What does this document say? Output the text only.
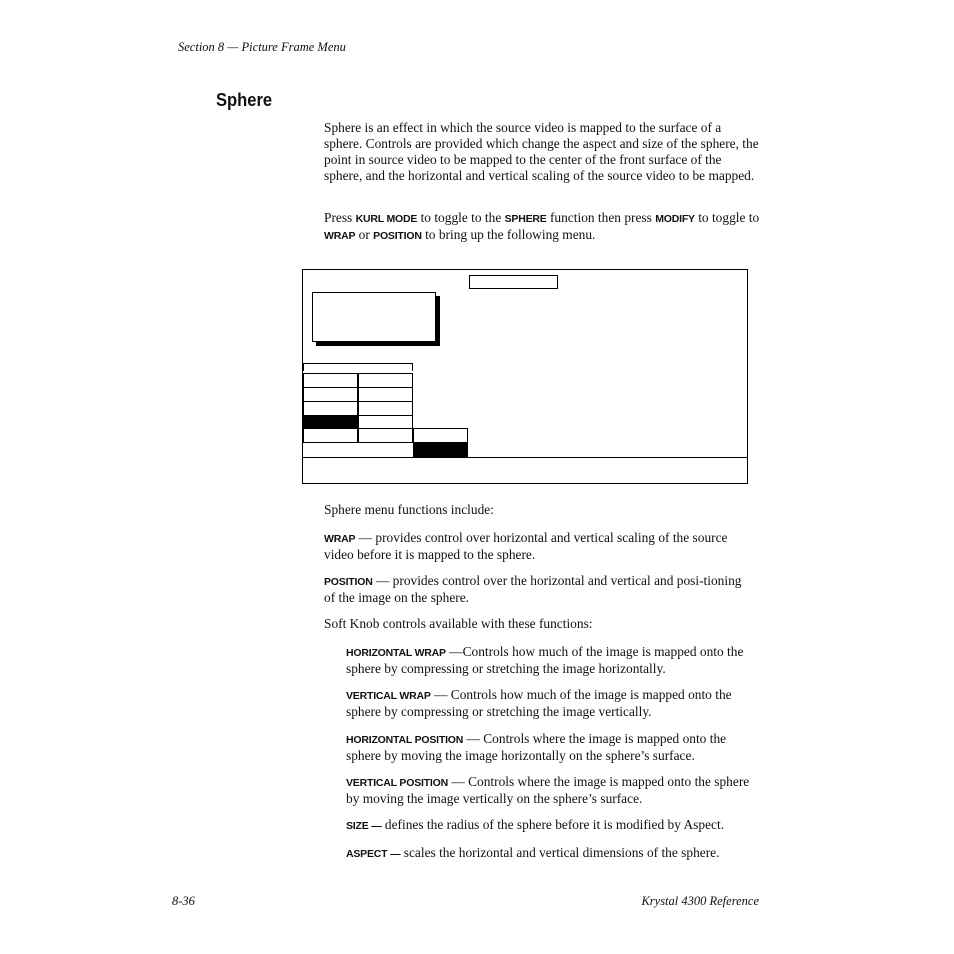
Section 8 — Picture Frame Menu
Sphere
Sphere is an effect in which the source video is mapped to the surface of a sphere. Controls are provided which change the aspect and size of the sphere, the point in source video to be mapped to the center of the front surface of the sphere, and the horizontal and vertical scaling of the source video to be mapped.
Press KURL MODE to toggle to the SPHERE function then press MODIFY to toggle to WRAP or POSITION to bring up the following menu.
Sphere menu functions include:
WRAP — provides control over horizontal and vertical scaling of the source video before it is mapped to the sphere.
POSITION — provides control over the horizontal and vertical and posi-tioning of the image on the sphere.
Soft Knob controls available with these functions:
HORIZONTAL WRAP —Controls how much of the image is mapped onto the sphere by compressing or stretching the image horizontally.
VERTICAL WRAP — Controls how much of the image is mapped onto the sphere by compressing or stretching the image vertically.
HORIZONTAL POSITION — Controls where the image is mapped onto the sphere by moving the image horizontally on the sphere’s surface.
VERTICAL POSITION — Controls where the image is mapped onto the sphere by moving the image vertically on the sphere’s surface.
SIZE — defines the radius of the sphere before it is modified by Aspect.
ASPECT — scales the horizontal and vertical dimensions of the sphere.
8-36	Krystal 4300 Reference
